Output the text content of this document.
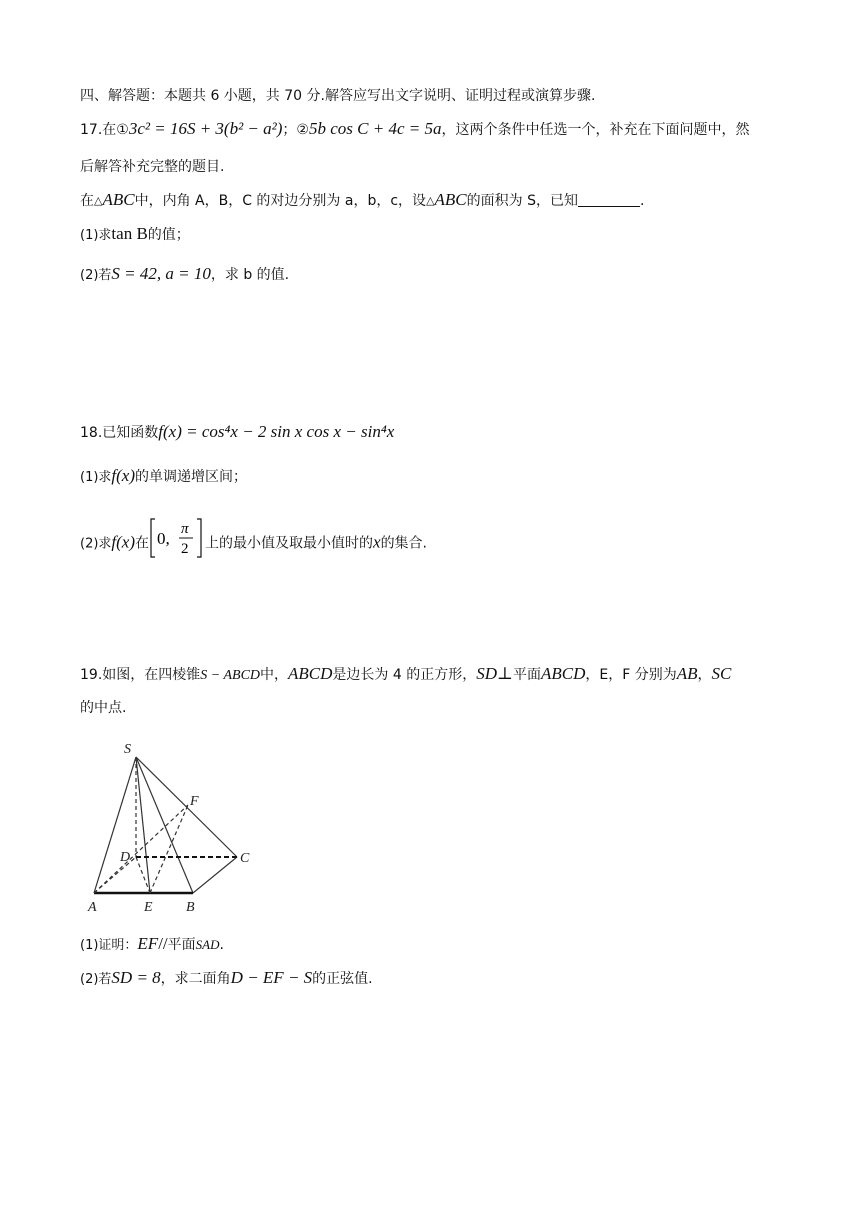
四、解答题：本题共 6 小题，共 70 分.解答应写出文字说明、证明过程或演算步骤.
17.在①3c² = 16S + 3(b² − a²)；②5b cos C + 4c = 5a，这两个条件中任选一个，补充在下面问题中，然
后解答补充完整的题目.
在△ABC中，内角 A，B，C 的对边分别为 a，b，c，设△ABC的面积为 S，已知	.
(1)求tan B的值；
(2)若S = 42, a = 10，求 b 的值.
18.已知函数f(x) = cos⁴x − 2 sin x cos x − sin⁴x
(1)求f(x)的单调递增区间；
(2)求f(x)在 0, π
2 上的最小值及取最小值时的x的集合.
19.如图，在四棱锥S − ABCD中，ABCD是边长为 4 的正方形，SD⊥平面ABCD，E，F 分别为AB，SC
的中点.
S
F
D	C
A	E B
(1)证明：EF//平面SAD.
(2)若SD = 8，求二面角D − EF − S的正弦值.
